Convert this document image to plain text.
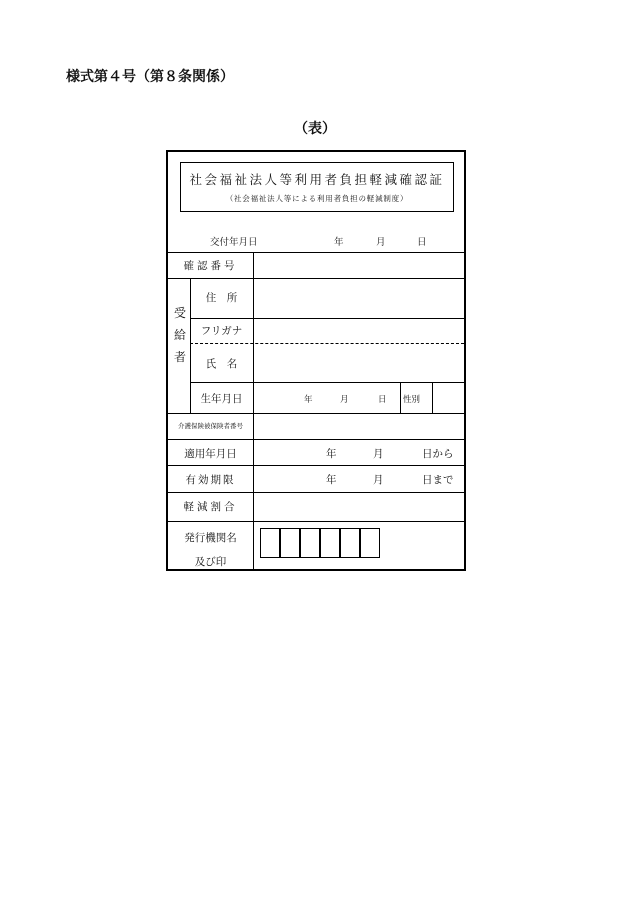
様式第４号（第８条関係）
（表）
社会福祉法人等利用者負担軽減確認証
（社会福祉法人等による利用者負担の軽減制度）
交付年月日	年	月	日
確認番号
受
給
者
住　所
フリガナ
氏　名
生年月日	年	月	日 性別
介護保険被保険者番号
適用年月日	年	月	日から
有効期限	年	月	日まで
軽減割合
発行機関名
及び印
